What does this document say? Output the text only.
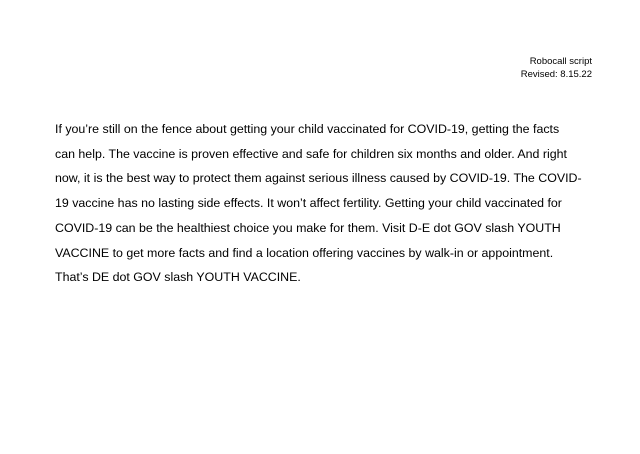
Robocall script
Revised: 8.15.22
If you’re still on the fence about getting your child vaccinated for COVID-19, getting the facts
can help. The vaccine is proven effective and safe for children six months and older. And right
now, it is the best way to protect them against serious illness caused by COVID-19. The COVID-
19 vaccine has no lasting side effects. It won’t affect fertility. Getting your child vaccinated for
COVID-19 can be the healthiest choice you make for them. Visit D-E dot GOV slash YOUTH
VACCINE to get more facts and find a location offering vaccines by walk-in or appointment.
That’s DE dot GOV slash YOUTH VACCINE.
